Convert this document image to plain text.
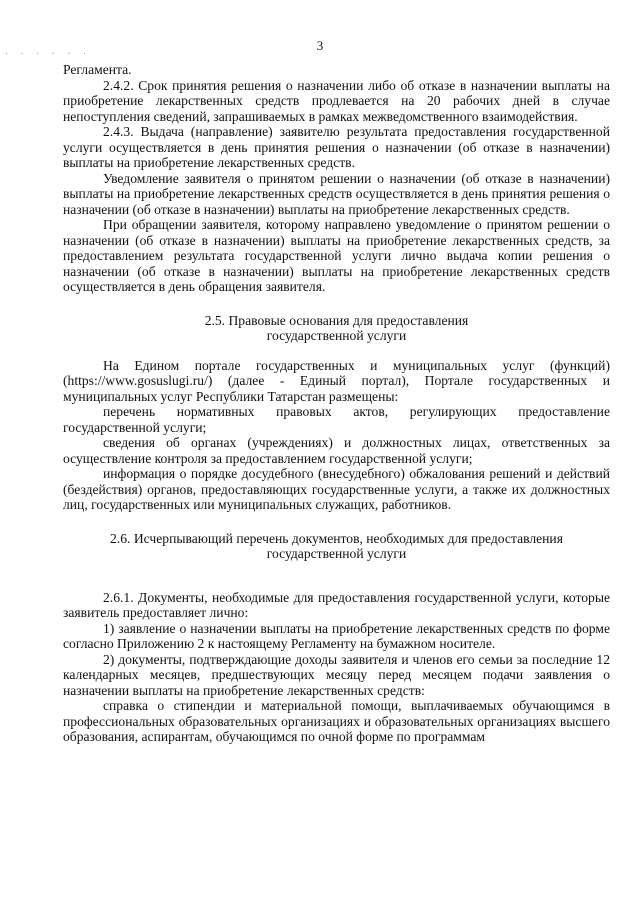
. . . . . .	3

Регламента.

2.4.2. Срок принятия решения о назначении либо об отказе в назначении выплаты на приобретение лекарственных средств продлевается на 20 рабочих дней в случае непоступления сведений, запрашиваемых в рамках межведомственного взаимодействия.

2.4.3. Выдача (направление) заявителю результата предоставления государственной услуги осуществляется в день принятия решения о назначении (об отказе в назначении) выплаты на приобретение лекарственных средств.

Уведомление заявителя о принятом решении о назначении (об отказе в назначении) выплаты на приобретение лекарственных средств осуществляется в день принятия решения о назначении (об отказе в назначении) выплаты на приобретение лекарственных средств.

При обращении заявителя, которому направлено уведомление о принятом решении о назначении (об отказе в назначении) выплаты на приобретение лекарственных средств, за предоставлением результата государственной услуги лично выдача копии решения о назначении (об отказе в назначении) выплаты на приобретение лекарственных средств осуществляется в день обращения заявителя.

2.5. Правовые основания для предоставления
государственной услуги

На Едином портале государственных и муниципальных услуг (функций) (https://www.gosuslugi.ru/) (далее - Единый портал), Портале государственных и муниципальных услуг Республики Татарстан размещены:

перечень нормативных правовых актов, регулирующих предоставление государственной услуги;

сведения об органах (учреждениях) и должностных лицах, ответственных за осуществление контроля за предоставлением государственной услуги;

информация о порядке досудебного (внесудебного) обжалования решений и действий (бездействия) органов, предоставляющих государственные услуги, а также их должностных лиц, государственных или муниципальных служащих, работников.

2.6. Исчерпывающий перечень документов, необходимых для предоставления
государственной услуги

2.6.1. Документы, необходимые для предоставления государственной услуги, которые заявитель предоставляет лично:

1) заявление о назначении выплаты на приобретение лекарственных средств по форме согласно Приложению 2 к настоящему Регламенту на бумажном носителе.

2) документы, подтверждающие доходы заявителя и членов его семьи за последние 12 календарных месяцев, предшествующих месяцу перед месяцем подачи заявления о назначении выплаты на приобретение лекарственных средств:

справка о стипендии и материальной помощи, выплачиваемых обучающимся в профессиональных образовательных организациях и образовательных организациях высшего образования, аспирантам, обучающимся по очной форме по программам
